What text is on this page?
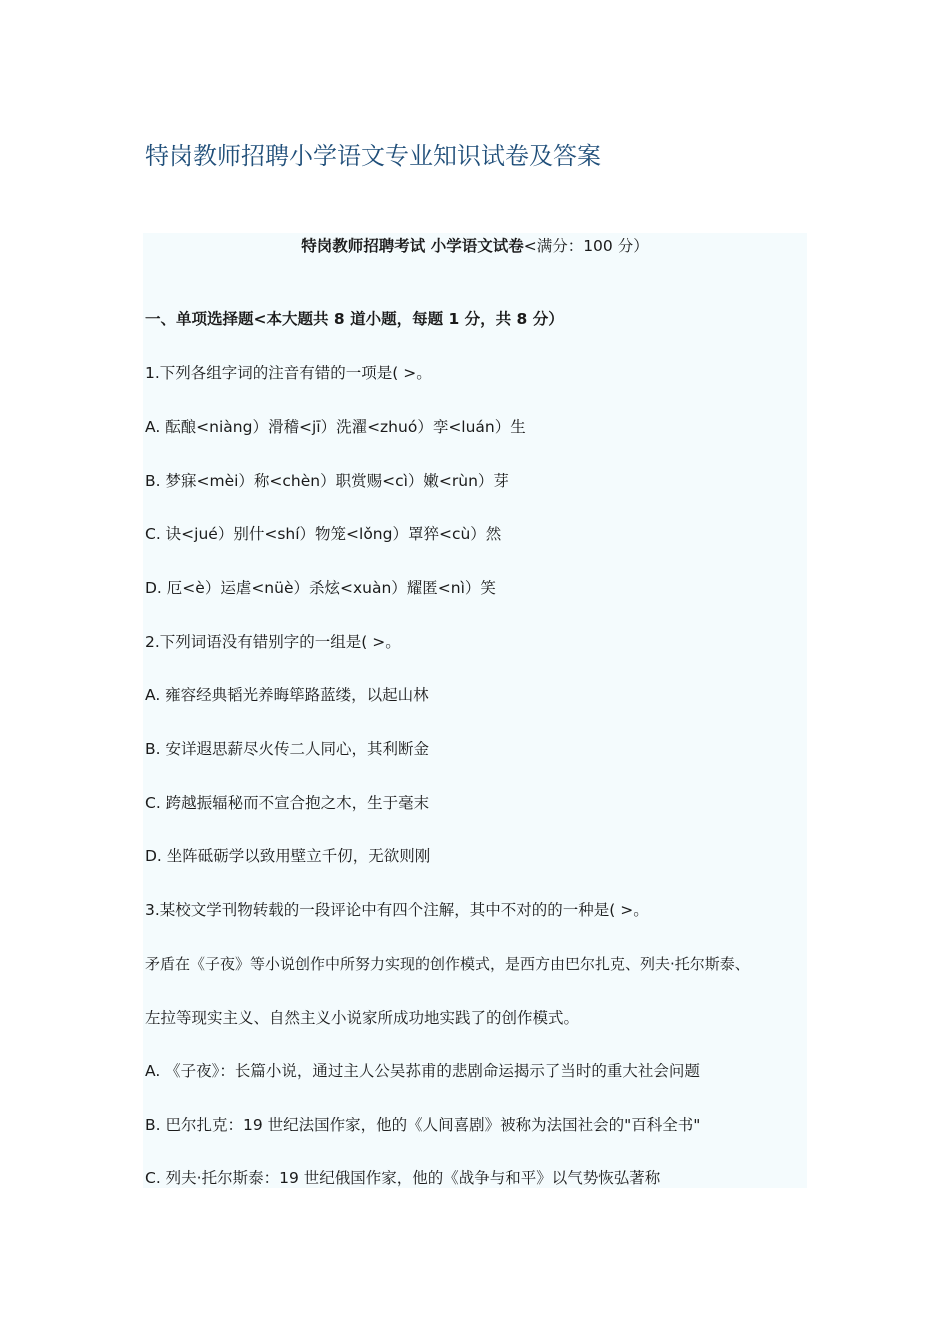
特岗教师招聘小学语文专业知识试卷及答案
特岗教师招聘考试 小学语文试卷<满分：100 分）
一、单项选择题<本大题共 8 道小题，每题 1 分，共 8 分）
1.下列各组字词的注音有错的一项是( >。
A. 酝酿<niàng）滑稽<jī）洗濯<zhuó）孪<luán）生
B. 梦寐<mèi）称<chèn）职赏赐<cì）嫩<rùn）芽
C. 诀<jué）别什<shí）物笼<lǒng）罩猝<cù）然
D. 厄<è）运虐<nüè）杀炫<xuàn）耀匿<nì）笑
2.下列词语没有错别字的一组是( >。
A. 雍容经典韬光养晦筚路蓝缕，以起山林
B. 安详遐思薪尽火传二人同心，其利断金
C. 跨越振辐秘而不宣合抱之木，生于毫末
D. 坐阵砥砺学以致用壁立千仞，无欲则刚
3.某校文学刊物转载的一段评论中有四个注解，其中不对的的一种是( >。
矛盾在《子夜》等小说创作中所努力实现的创作模式，是西方由巴尔扎克、列夫·托尔斯泰、
左拉等现实主义、自然主义小说家所成功地实践了的创作模式。
A. 《子夜》：长篇小说，通过主人公吴荪甫的悲剧命运揭示了当时的重大社会问题
B. 巴尔扎克：19 世纪法国作家，他的《人间喜剧》被称为法国社会的"百科全书"
C. 列夫·托尔斯泰：19 世纪俄国作家，他的《战争与和平》以气势恢弘著称
